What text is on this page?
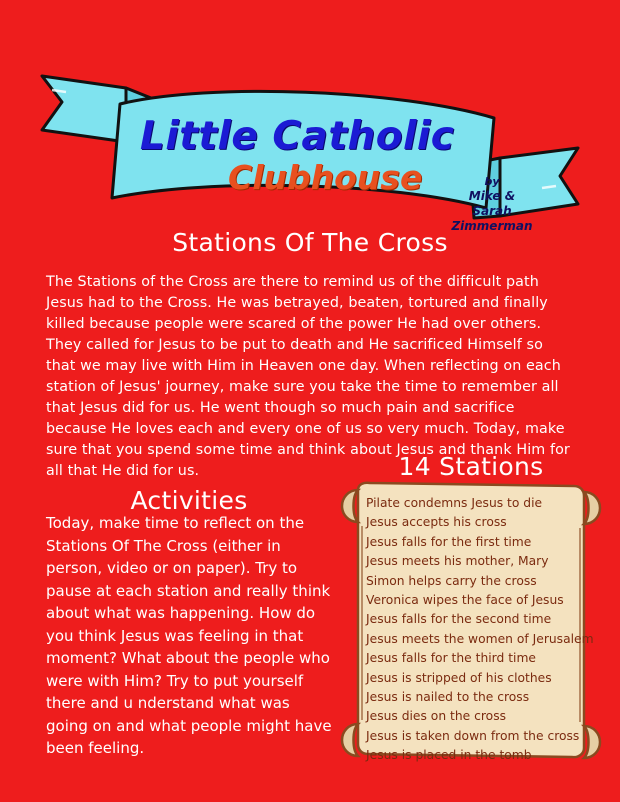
Little Catholic
Clubhouse	by
Mike &
Sarah
Zimmerman
Stations Of The Cross
The Stations of the Cross are there to remind us of the difficult path Jesus had to the Cross. He was betrayed, beaten, tortured and finally killed because people were scared of the power He had over others. They called for Jesus to be put to death and He sacrificed Himself so that we may live with Him in Heaven one day. When reflecting on each station of Jesus' journey, make sure you take the time to remember all that Jesus did for us. He went though so much pain and sacrifice because He loves each and every one of us so very much. Today, make sure that you spend some time and think about Jesus and thank Him for all that He did for us.
Activities
Today, make time to reflect on the Stations Of The Cross (either in person, video or on paper). Try to pause at each station and really think about what was happening. How do you think Jesus was feeling in that moment? What about the people who were with Him? Try to put yourself there and u nderstand what was going on and what people might have been feeling.
14 Stations
Pilate condemns Jesus to die
Jesus accepts his cross
Jesus falls for the first time
Jesus meets his mother, Mary
Simon helps carry the cross
Veronica wipes the face of Jesus
Jesus falls for the second time
Jesus meets the women of Jerusalem
Jesus falls for the third time
Jesus is stripped of his clothes
Jesus is nailed to the cross
Jesus dies on the cross
Jesus is taken down from the cross
Jesus is placed in the tomb
